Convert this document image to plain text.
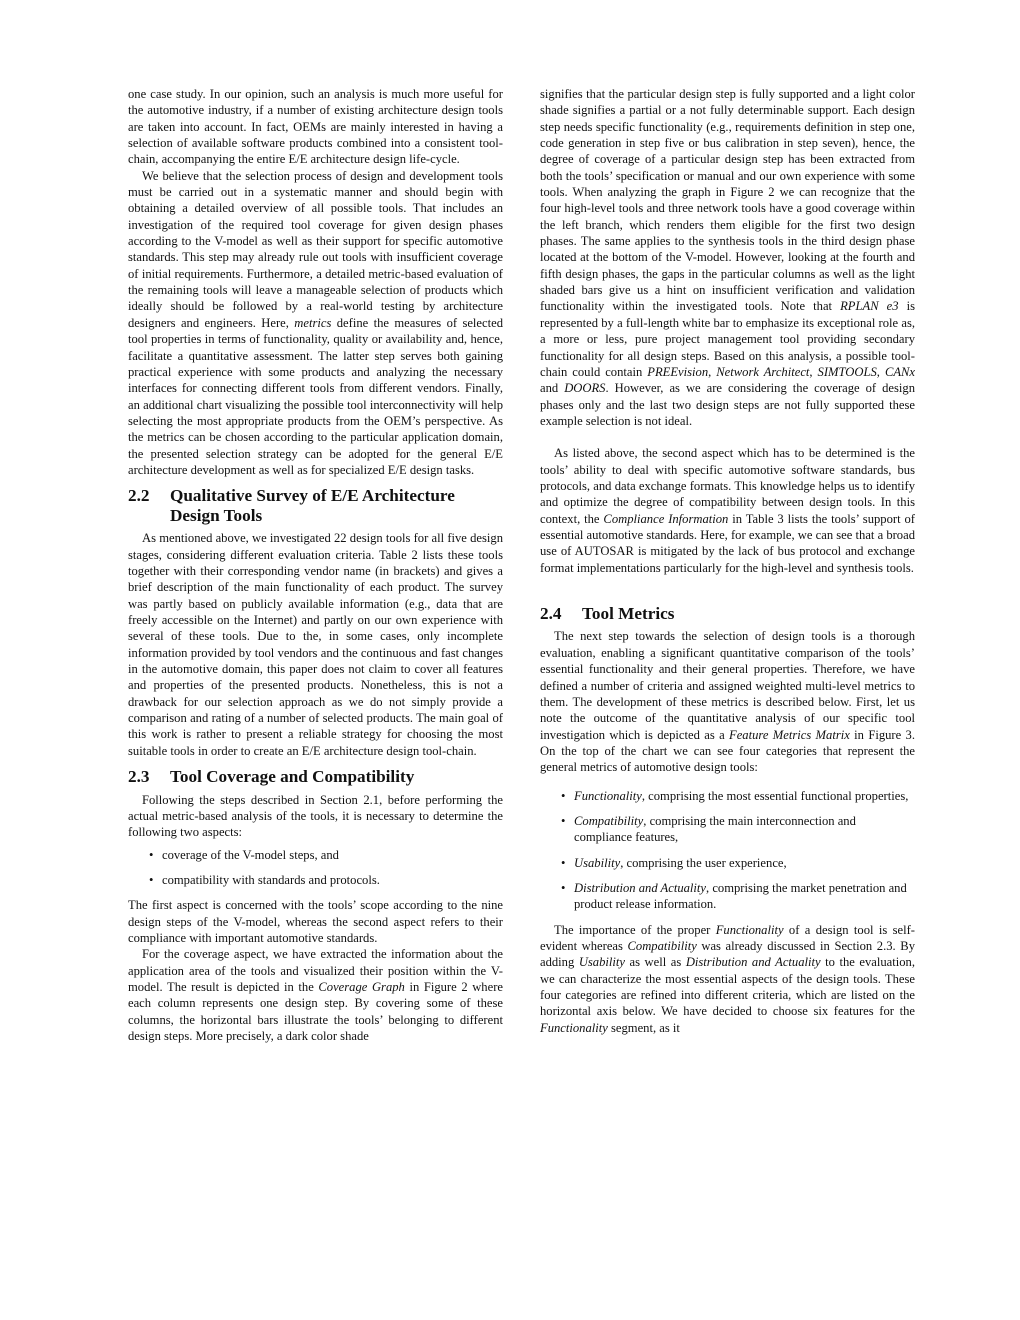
one case study. In our opinion, such an analysis is much more useful for the automotive industry, if a number of existing architecture design tools are taken into account. In fact, OEMs are mainly interested in having a selection of available software products combined into a consistent tool-chain, accompanying the entire E/E architecture design life-cycle.

We believe that the selection process of design and development tools must be carried out in a systematic manner and should begin with obtaining a detailed overview of all possible tools. That includes an investigation of the required tool coverage for given design phases according to the V-model as well as their support for specific automotive standards. This step may already rule out tools with insufficient coverage of initial requirements. Furthermore, a detailed metric-based evaluation of the remaining tools will leave a manageable selection of products which ideally should be followed by a real-world testing by architecture designers and engineers. Here, metrics define the measures of selected tool properties in terms of functionality, quality or availability and, hence, facilitate a quantitative assessment. The latter step serves both gaining practical experience with some products and analyzing the necessary interfaces for connecting different tools from different vendors. Finally, an additional chart visualizing the possible tool interconnectivity will help selecting the most appropriate products from the OEM’s perspective. As the metrics can be chosen according to the particular application domain, the presented selection strategy can be adopted for the general E/E architecture development as well as for specialized E/E design tasks.

2.2	Qualitative Survey of E/E Architecture Design Tools

As mentioned above, we investigated 22 design tools for all five design stages, considering different evaluation criteria. Table 2 lists these tools together with their corresponding vendor name (in brackets) and gives a brief description of the main functionality of each product. The survey was partly based on publicly available information (e.g., data that are freely accessible on the Internet) and partly on our own experience with several of these tools. Due to the, in some cases, only incomplete information provided by tool vendors and the continuous and fast changes in the automotive domain, this paper does not claim to cover all features and properties of the presented products. Nonetheless, this is not a drawback for our selection approach as we do not simply provide a comparison and rating of a number of selected products. The main goal of this work is rather to present a reliable strategy for choosing the most suitable tools in order to create an E/E architecture design tool-chain.

2.3	Tool Coverage and Compatibility

Following the steps described in Section 2.1, before performing the actual metric-based analysis of the tools, it is necessary to determine the following two aspects:

• coverage of the V-model steps, and
• compatibility with standards and protocols.

The first aspect is concerned with the tools’ scope according to the nine design steps of the V-model, whereas the second aspect refers to their compliance with important automotive standards.

For the coverage aspect, we have extracted the information about the application area of the tools and visualized their position within the V-model. The result is depicted in the Coverage Graph in Figure 2 where each column represents one design step. By covering some of these columns, the horizontal bars illustrate the tools’ belonging to different design steps. More precisely, a dark color shade

signifies that the particular design step is fully supported and a light color shade signifies a partial or a not fully determinable support. Each design step needs specific functionality (e.g., requirements definition in step one, code generation in step five or bus calibration in step seven), hence, the degree of coverage of a particular design step has been extracted from both the tools’ specification or manual and our own experience with some tools. When analyzing the graph in Figure 2 we can recognize that the four high-level tools and three network tools have a good coverage within the left branch, which renders them eligible for the first two design phases. The same applies to the synthesis tools in the third design phase located at the bottom of the V-model. However, looking at the fourth and fifth design phases, the gaps in the particular columns as well as the light shaded bars give us a hint on insufficient verification and validation functionality within the investigated tools. Note that RPLAN e3 is represented by a full-length white bar to emphasize its exceptional role as, a more or less, pure project management tool providing secondary functionality for all design steps. Based on this analysis, a possible tool-chain could contain PREEvision, Network Architect, SIMTOOLS, CANx and DOORS. However, as we are considering the coverage of design phases only and the last two design steps are not fully supported these example selection is not ideal.

As listed above, the second aspect which has to be determined is the tools’ ability to deal with specific automotive software standards, bus protocols, and data exchange formats. This knowledge helps us to identify and optimize the degree of compatibility between design tools. In this context, the Compliance Information in Table 3 lists the tools’ support of essential automotive standards. Here, for example, we can see that a broad use of AUTOSAR is mitigated by the lack of bus protocol and exchange format implementations particularly for the high-level and synthesis tools.

2.4	Tool Metrics

The next step towards the selection of design tools is a thorough evaluation, enabling a significant quantitative comparison of the tools’ essential functionality and their general properties. Therefore, we have defined a number of criteria and assigned weighted multi-level metrics to them. The development of these metrics is described below. First, let us note the outcome of the quantitative analysis of our specific tool investigation which is depicted as a Feature Metrics Matrix in Figure 3. On the top of the chart we can see four categories that represent the general metrics of automotive design tools:

• Functionality, comprising the most essential functional properties,
• Compatibility, comprising the main interconnection and compliance features,
• Usability, comprising the user experience,
• Distribution and Actuality, comprising the market penetration and product release information.

The importance of the proper Functionality of a design tool is self-evident whereas Compatibility was already discussed in Section 2.3. By adding Usability as well as Distribution and Actuality to the evaluation, we can characterize the most essential aspects of the design tools. These four categories are refined into different criteria, which are listed on the horizontal axis below. We have decided to choose six features for the Functionality segment, as it
